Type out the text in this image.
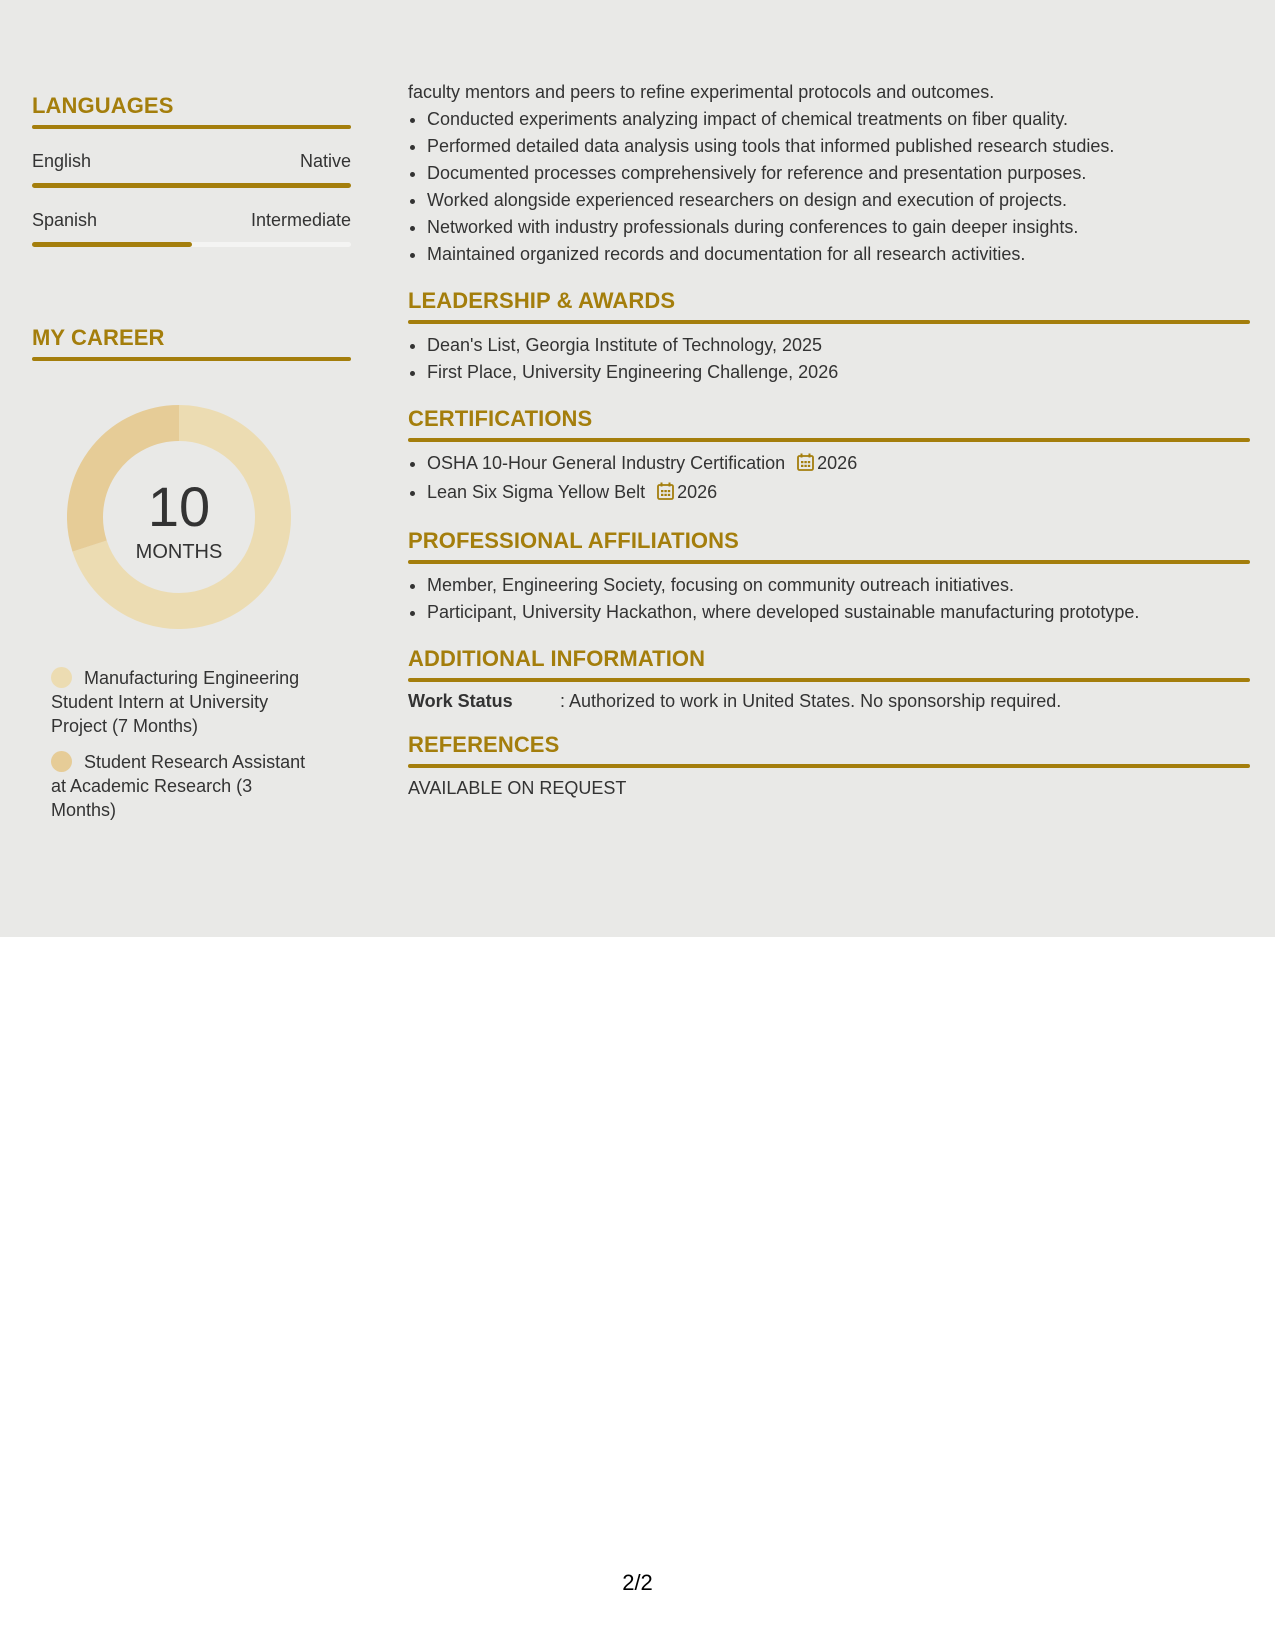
LANGUAGES
English	Native
Spanish	Intermediate
MY CAREER
10
MONTHS
Manufacturing Engineering Student Intern at University Project (7 Months)
Student Research Assistant at Academic Research (3 Months)
faculty mentors and peers to refine experimental protocols and outcomes.
• Conducted experiments analyzing impact of chemical treatments on fiber quality.
• Performed detailed data analysis using tools that informed published research studies.
• Documented processes comprehensively for reference and presentation purposes.
• Worked alongside experienced researchers on design and execution of projects.
• Networked with industry professionals during conferences to gain deeper insights.
• Maintained organized records and documentation for all research activities.
LEADERSHIP & AWARDS
• Dean's List, Georgia Institute of Technology, 2025
• First Place, University Engineering Challenge, 2026
CERTIFICATIONS
• OSHA 10-Hour General Industry Certification 2026
• Lean Six Sigma Yellow Belt 2026
PROFESSIONAL AFFILIATIONS
• Member, Engineering Society, focusing on community outreach initiatives.
• Participant, University Hackathon, where developed sustainable manufacturing prototype.
ADDITIONAL INFORMATION
Work Status	: Authorized to work in United States. No sponsorship required.
REFERENCES
AVAILABLE ON REQUEST
2/2
